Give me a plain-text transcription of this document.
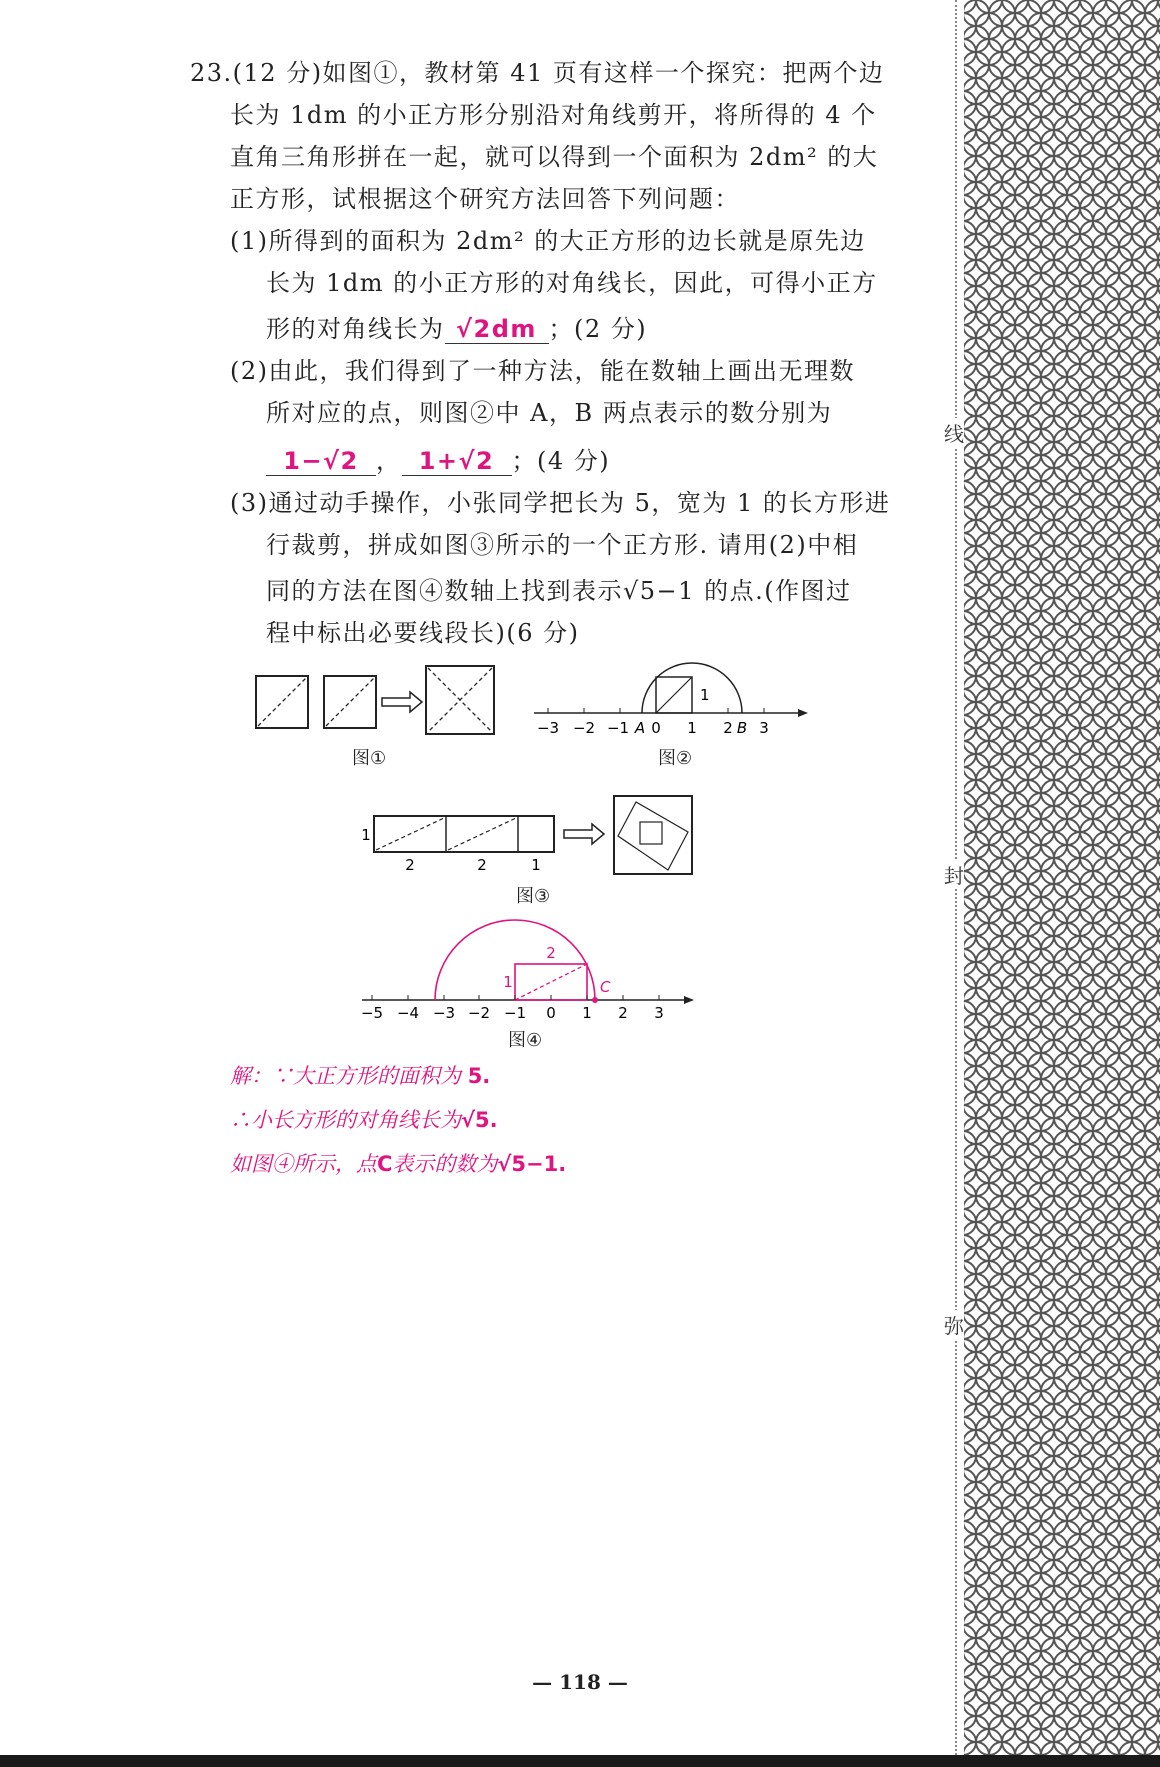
23.(12 分)如图①，教材第 41 页有这样一个探究：把两个边
长为 1dm 的小正方形分别沿对角线剪开，将所得的 4 个
直角三角形拼在一起，就可以得到一个面积为 2dm² 的大
正方形，试根据这个研究方法回答下列问题：
(1)所得到的面积为 2dm² 的大正方形的边长就是原先边
长为 1dm 的小正方形的对角线长，因此，可得小正方
形的对角线长为 √2dm ；(2 分)
(2)由此，我们得到了一种方法，能在数轴上画出无理数
所对应的点，则图②中 A，B 两点表示的数分别为
1−√2 ， 1+√2 ；(4 分)
(3)通过动手操作，小张同学把长为 5，宽为 1 的长方形进
行裁剪，拼成如图③所示的一个正方形. 请用(2)中相
同的方法在图④数轴上找到表示√5−1 的点.(作图过
程中标出必要线段长)(6 分)
图①
−3 −2 −1 A 0 1 2 B 3
1
图②
1
2	2	1
图③
−5 −4 −3 −2 −1 0 1 2 3
2
1	C
图④
解：∵大正方形的面积为 5.
∴小长方形的对角线长为√5.
如图④所示，点C表示的数为√5−1.
— 118 —
线
封
弥
